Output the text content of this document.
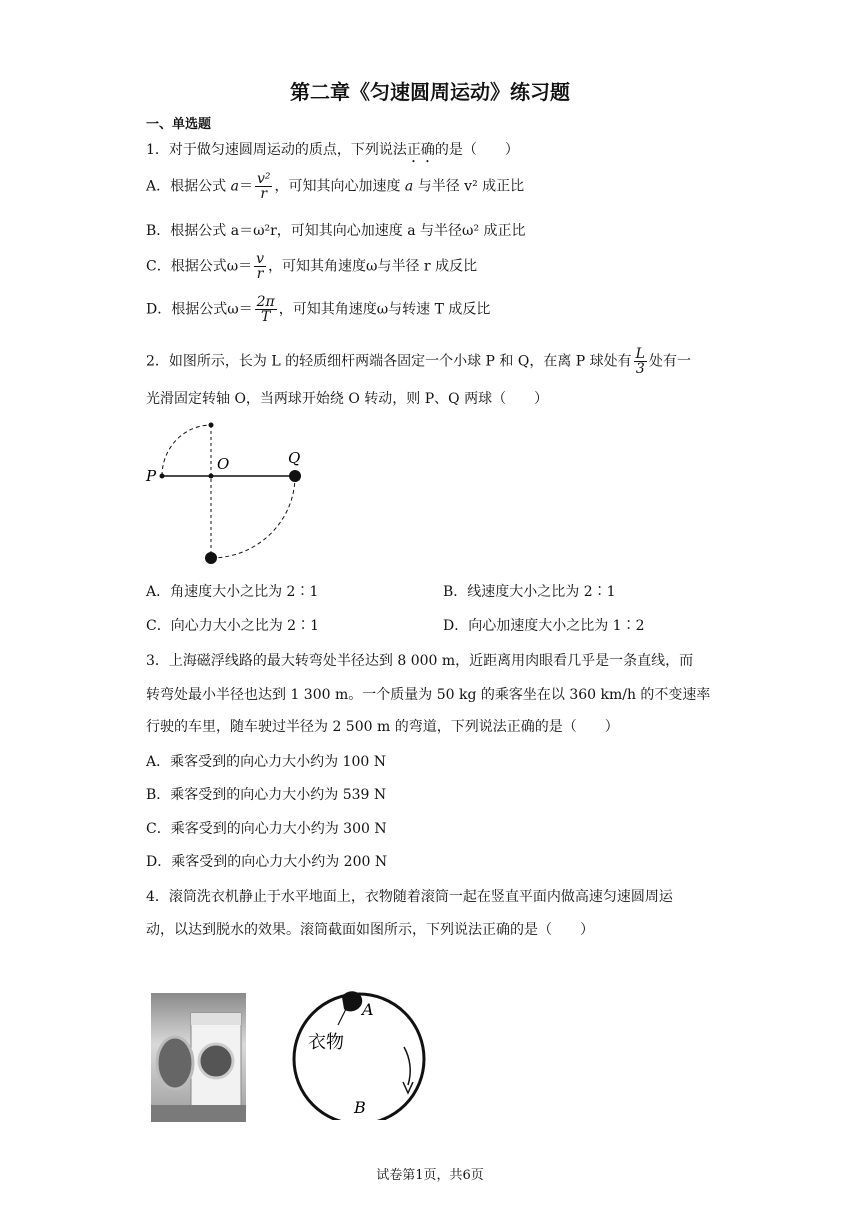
第二章《匀速圆周运动》练习题
一、单选题
1．对于做匀速圆周运动的质点，下列说法正确的是（　　）
A．根据公式 $a= \frac{\text{v²}}{r}$ ，可知其向心加速度 a 与半径 v² 成正比
B．根据公式 a＝ω²r，可知其向心加速度 a 与半径ω² 成正比
C．根据公式$\omega= \frac{v}{r}$ ，可知其角速度ω与半径 r 成反比
D．根据公式$\omega= \frac{2\pi}{T}$ ，可知其角速度ω与转速 T 成反比
2．如图所示，长为 L 的轻质细杆两端各固定一个小球 P 和 Q，在离 P 球处有 $\frac{L}{3}$ 处有一
光滑固定转轴 O，当两球开始绕 O 转动，则 P、Q 两球（　　）
P
O	Q
A．角速度大小之比为 2∶1	B．线速度大小之比为 2∶1
C．向心力大小之比为 2∶1	D．向心加速度大小之比为 1∶2
3．上海磁浮线路的最大转弯处半径达到 8 000 m，近距离用肉眼看几乎是一条直线，而
转弯处最小半径也达到 1 300 m。一个质量为 50 kg 的乘客坐在以 360 km/h 的不变速率
行驶的车里，随车驶过半径为 2 500 m 的弯道，下列说法正确的是（　　）
A．乘客受到的向心力大小约为 100 N
B．乘客受到的向心力大小约为 539 N
C．乘客受到的向心力大小约为 300 N
D．乘客受到的向心力大小约为 200 N
4．滚筒洗衣机静止于水平地面上，衣物随着滚筒一起在竖直平面内做高速匀速圆周运
动，以达到脱水的效果。滚筒截面如图所示，下列说法正确的是（　　）
A
B
衣物
试卷第1页，共6页
